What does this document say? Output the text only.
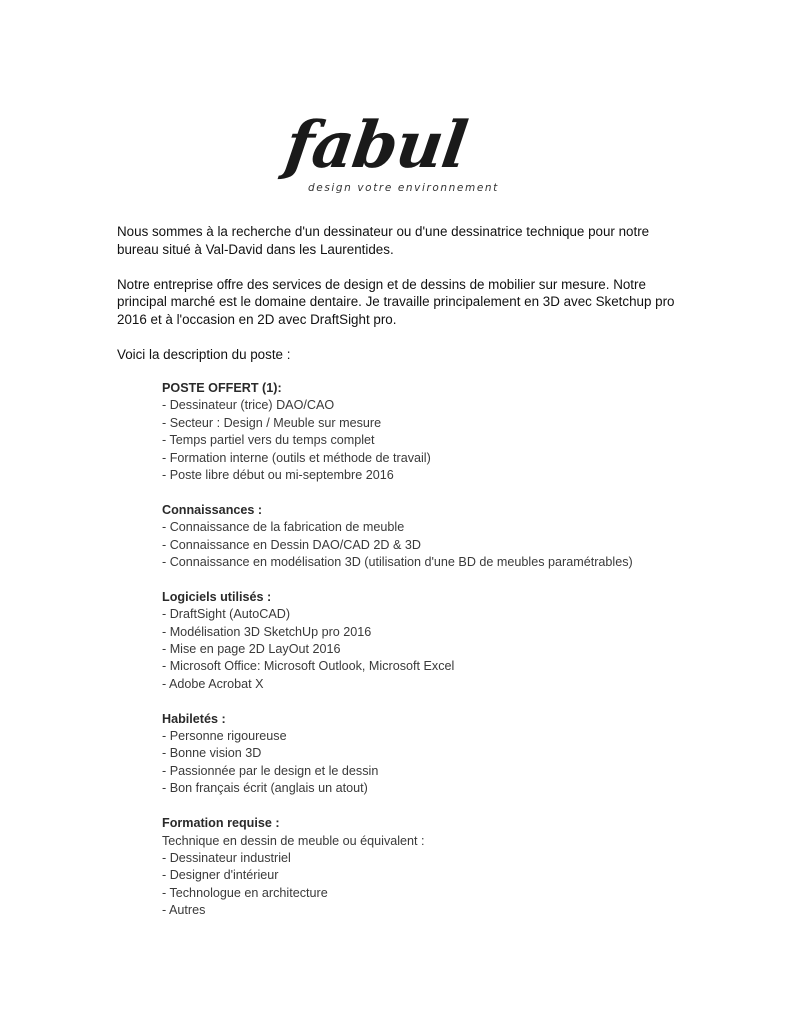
fabul
design votre environnement

Nous sommes à la recherche d'un dessinateur ou d'une dessinatrice technique pour notre bureau situé à Val-David dans les Laurentides.

Notre entreprise offre des services de design et de dessins de mobilier sur mesure. Notre principal marché est le domaine dentaire. Je travaille principalement en 3D avec Sketchup pro 2016 et à l'occasion en 2D avec DraftSight pro.

Voici la description du poste :

POSTE OFFERT (1):
- Dessinateur (trice) DAO/CAO
- Secteur : Design / Meuble sur mesure
- Temps partiel vers du temps complet
- Formation interne (outils et méthode de travail)
- Poste libre début ou mi-septembre 2016
Connaissances :
- Connaissance de la fabrication de meuble
- Connaissance en Dessin DAO/CAD 2D & 3D
- Connaissance en modélisation 3D (utilisation d'une BD de meubles paramétrables)
Logiciels utilisés :
- DraftSight (AutoCAD)
- Modélisation 3D SketchUp pro 2016
- Mise en page 2D LayOut 2016
- Microsoft Office: Microsoft Outlook, Microsoft Excel
- Adobe Acrobat X
Habiletés :
- Personne rigoureuse
- Bonne vision 3D
- Passionnée par le design et le dessin
- Bon français écrit (anglais un atout)
Formation requise :
Technique en dessin de meuble ou équivalent :
- Dessinateur industriel
- Designer d'intérieur
- Technologue en architecture
- Autres
